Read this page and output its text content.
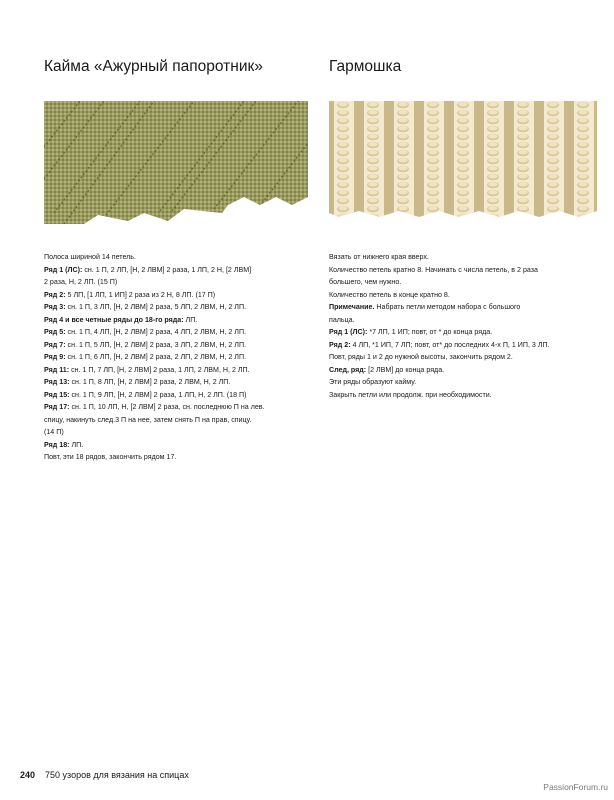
Кайма «Ажурный папоротник»	Гармошка
Полоса шириной 14 петель.
Ряд 1 (ЛС): сн. 1 П, 2 ЛП, [Н, 2 ЛВМ] 2 раза, 1 ЛП, 2 Н, [2 ЛВМ]
2 раза, Н, 2 ЛП. (15 П)
Ряд 2: 5 ЛП, [1 ЛП, 1 ИП] 2 раза из 2 Н, 8 ЛП. (17 П)
Ряд 3: сн. 1 П, 3 ЛП, [Н, 2 ЛВМ] 2 раза, 5 ЛП, 2 ЛВМ, Н, 2 ЛП.
Ряд 4 и все четные ряды до 18-го ряда: ЛП.
Ряд 5: сн. 1 П, 4 ЛП, [Н, 2 ЛВМ] 2 раза, 4 ЛП, 2 ЛВМ, Н, 2 ЛП.
Ряд 7: сн. 1 П, 5 ЛП, [Н, 2 ЛВМ] 2 раза, 3 ЛП, 2 ЛВМ, Н, 2 ЛП.
Ряд 9: сн. 1 П, 6 ЛП, [Н, 2 ЛВМ] 2 раза, 2 ЛП, 2 ЛВМ, Н, 2 ЛП.
Ряд 11: сн. 1 П, 7 ЛП, [Н, 2 ЛВМ] 2 раза, 1 ЛП, 2 ЛВМ, Н, 2 ЛП.
Ряд 13: сн. 1 П, 8 ЛП, [Н, 2 ЛВМ] 2 раза, 2 ЛВМ, Н, 2 ЛП.
Ряд 15: сн. 1 П, 9 ЛП, [Н, 2 ЛВМ] 2 раза, 1 ЛП, Н, 2 ЛП. (18 П)
Ряд 17: сн. 1 П, 10 ЛП, Н, [2 ЛВМ] 2 раза, сн. последнюю П на лев.
спицу, накинуть след.3 П на нее, затем снять П на прав, спицу.
(14 П)
Ряд 18: ЛП.
Повт, эти 18 рядов, закончить рядом 17.
Вязать от нижнего края вверх.
Количество петель кратно 8. Начинать с числа петель, в 2 раза
большего, чем нужно.
Количество петель в конце кратно 8.
Примечание. Набрать петли методом набора с большого
пальца.
Ряд 1 (ЛС): *7 ЛП, 1 ИП; повт, от * до конца ряда.
Ряд 2: 4 ЛП, *1 ИП, 7 ЛП; повт, от* до последних 4-х П, 1 ИП, 3 ЛП.
Повт, ряды 1 и 2 до нужной высоты, закончить рядом 2.
След, ряд: [2 ЛВМ] до конца ряда.
Эти ряды образуют кайму.
Закрыть петли или продолж. при необходимости.
240 750 узоров для вязания на спицах
PassionForum.ru
